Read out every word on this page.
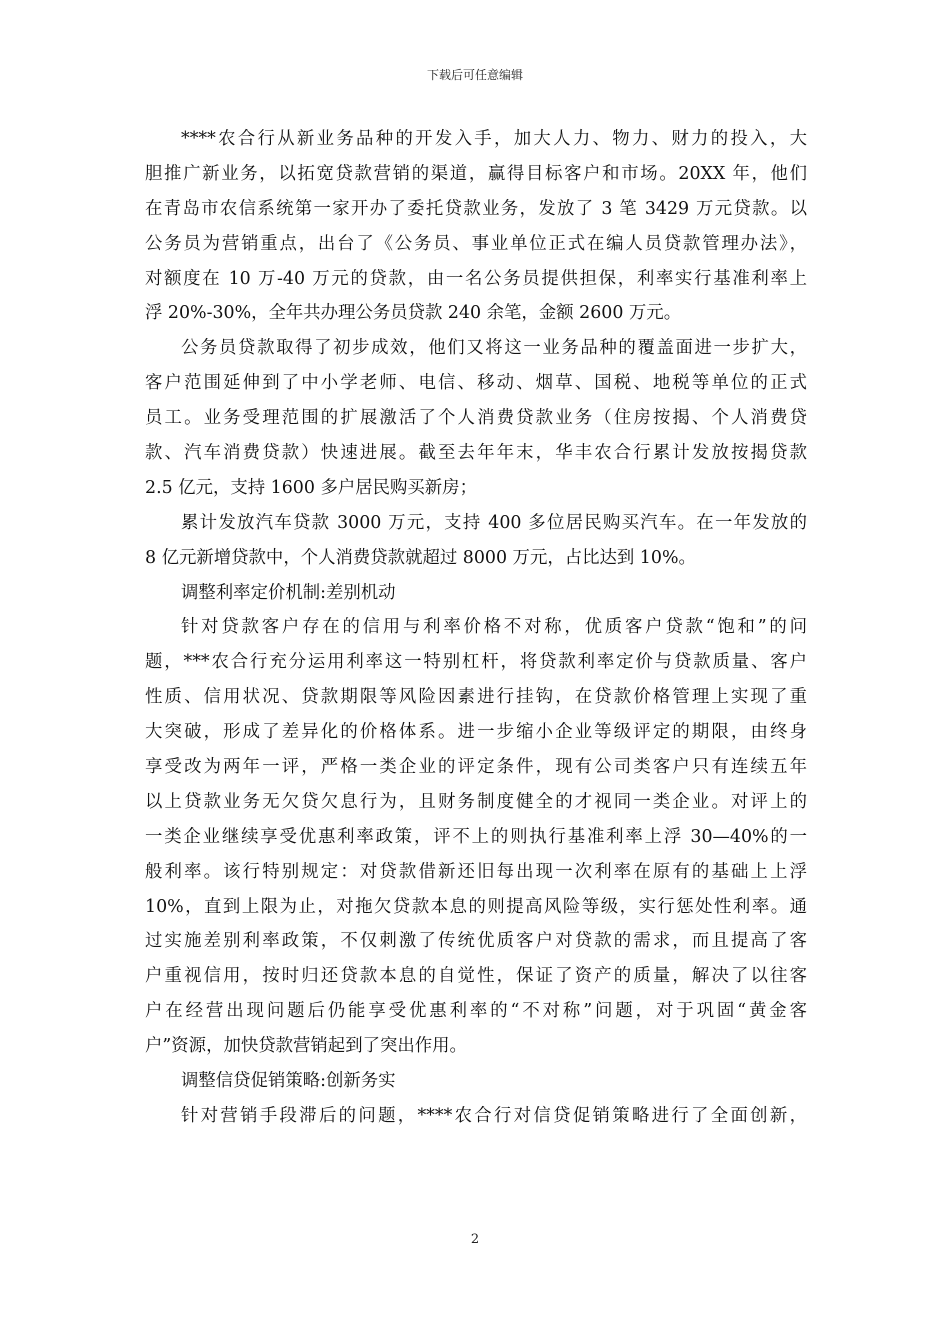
下载后可任意编辑
****农合行从新业务品种的开发入手，加大人力、物力、财力的投入，大
胆推广新业务，以拓宽贷款营销的渠道，赢得目标客户和市场。20XX 年，他们
在青岛市农信系统第一家开办了委托贷款业务，发放了 3 笔 3429 万元贷款。以
公务员为营销重点，出台了《公务员、事业单位正式在编人员贷款管理办法》，
对额度在 10 万-40 万元的贷款，由一名公务员提供担保，利率实行基准利率上
浮 20%-30%，全年共办理公务员贷款 240 余笔，金额 2600 万元。
公务员贷款取得了初步成效，他们又将这一业务品种的覆盖面进一步扩大，
客户范围延伸到了中小学老师、电信、移动、烟草、国税、地税等单位的正式
员工。业务受理范围的扩展激活了个人消费贷款业务（住房按揭、个人消费贷
款、汽车消费贷款）快速进展。截至去年年末，华丰农合行累计发放按揭贷款
2.5 亿元，支持 1600 多户居民购买新房；
累计发放汽车贷款 3000 万元，支持 400 多位居民购买汽车。在一年发放的
8 亿元新增贷款中，个人消费贷款就超过 8000 万元，占比达到 10%。
调整利率定价机制:差别机动
针对贷款客户存在的信用与利率价格不对称，优质客户贷款“饱和”的问
题，***农合行充分运用利率这一特别杠杆，将贷款利率定价与贷款质量、客户
性质、信用状况、贷款期限等风险因素进行挂钩，在贷款价格管理上实现了重
大突破，形成了差异化的价格体系。进一步缩小企业等级评定的期限，由终身
享受改为两年一评，严格一类企业的评定条件，现有公司类客户只有连续五年
以上贷款业务无欠贷欠息行为，且财务制度健全的才视同一类企业。对评上的
一类企业继续享受优惠利率政策，评不上的则执行基准利率上浮 30—40%的一
般利率。该行特别规定：对贷款借新还旧每出现一次利率在原有的基础上上浮
10%，直到上限为止，对拖欠贷款本息的则提高风险等级，实行惩处性利率。通
过实施差别利率政策，不仅刺激了传统优质客户对贷款的需求，而且提高了客
户重视信用，按时归还贷款本息的自觉性，保证了资产的质量，解决了以往客
户在经营出现问题后仍能享受优惠利率的“不对称”问题，对于巩固“黄金客
户”资源，加快贷款营销起到了突出作用。
调整信贷促销策略:创新务实
针对营销手段滞后的问题，****农合行对信贷促销策略进行了全面创新，
2
